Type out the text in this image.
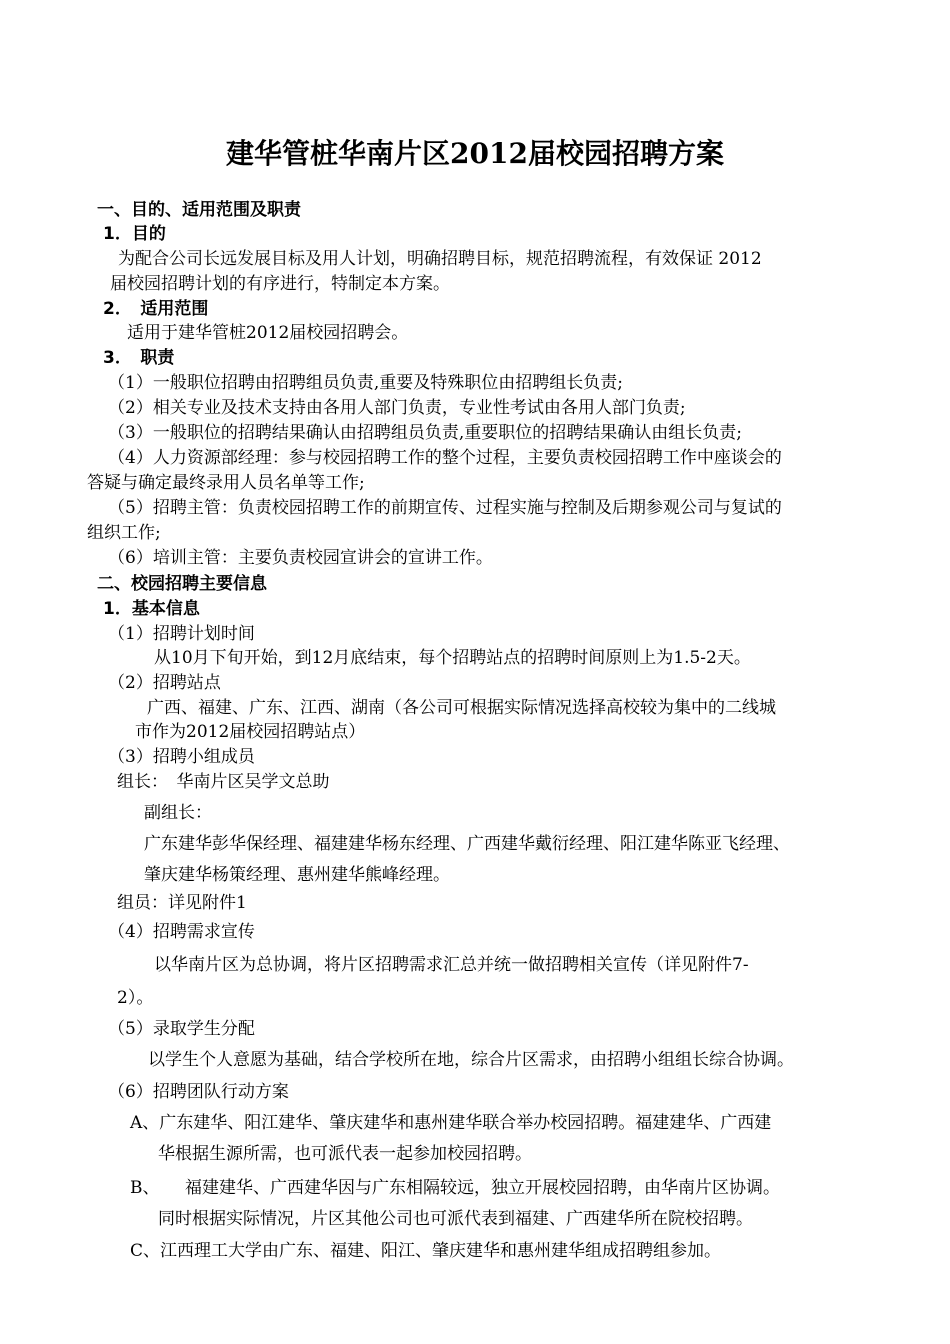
建华管桩华南片区2012届校园招聘方案
一、目的、适用范围及职责
1．目的
为配合公司长远发展目标及用人计划，明确招聘目标，规范招聘流程，有效保证 2012
届校园招聘计划的有序进行，特制定本方案。
2．　适用范围
适用于建华管桩2012届校园招聘会。
3．　职责
（1）一般职位招聘由招聘组员负责,重要及特殊职位由招聘组长负责;
（2）相关专业及技术支持由各用人部门负责，专业性考试由各用人部门负责;
（3）一般职位的招聘结果确认由招聘组员负责,重要职位的招聘结果确认由组长负责;
（4）人力资源部经理：参与校园招聘工作的整个过程，主要负责校园招聘工作中座谈会的
答疑与确定最终录用人员名单等工作;
（5）招聘主管：负责校园招聘工作的前期宣传、过程实施与控制及后期参观公司与复试的
组织工作;
（6）培训主管：主要负责校园宣讲会的宣讲工作。
二、校园招聘主要信息
1．基本信息
（1）招聘计划时间
从10月下旬开始，到12月底结束，每个招聘站点的招聘时间原则上为1.5-2天。
（2）招聘站点
广西、福建、广东、江西、湖南（各公司可根据实际情况选择高校较为集中的二线城
市作为2012届校园招聘站点）
（3）招聘小组成员
组长：　华南片区吴学文总助
副组长：
广东建华彭华保经理、福建建华杨东经理、广西建华戴衍经理、阳江建华陈亚飞经理、
肇庆建华杨策经理、惠州建华熊峰经理。
组员：详见附件1
（4）招聘需求宣传
以华南片区为总协调，将片区招聘需求汇总并统一做招聘相关宣传（详见附件7-
2）。
（5）录取学生分配
以学生个人意愿为基础，结合学校所在地，综合片区需求，由招聘小组组长综合协调。
（6）招聘团队行动方案
A、广东建华、阳江建华、肇庆建华和惠州建华联合举办校园招聘。福建建华、广西建
华根据生源所需，也可派代表一起参加校园招聘。
B、　　福建建华、广西建华因与广东相隔较远，独立开展校园招聘，由华南片区协调。
同时根据实际情况，片区其他公司也可派代表到福建、广西建华所在院校招聘。
C、江西理工大学由广东、福建、阳江、肇庆建华和惠州建华组成招聘组参加。
